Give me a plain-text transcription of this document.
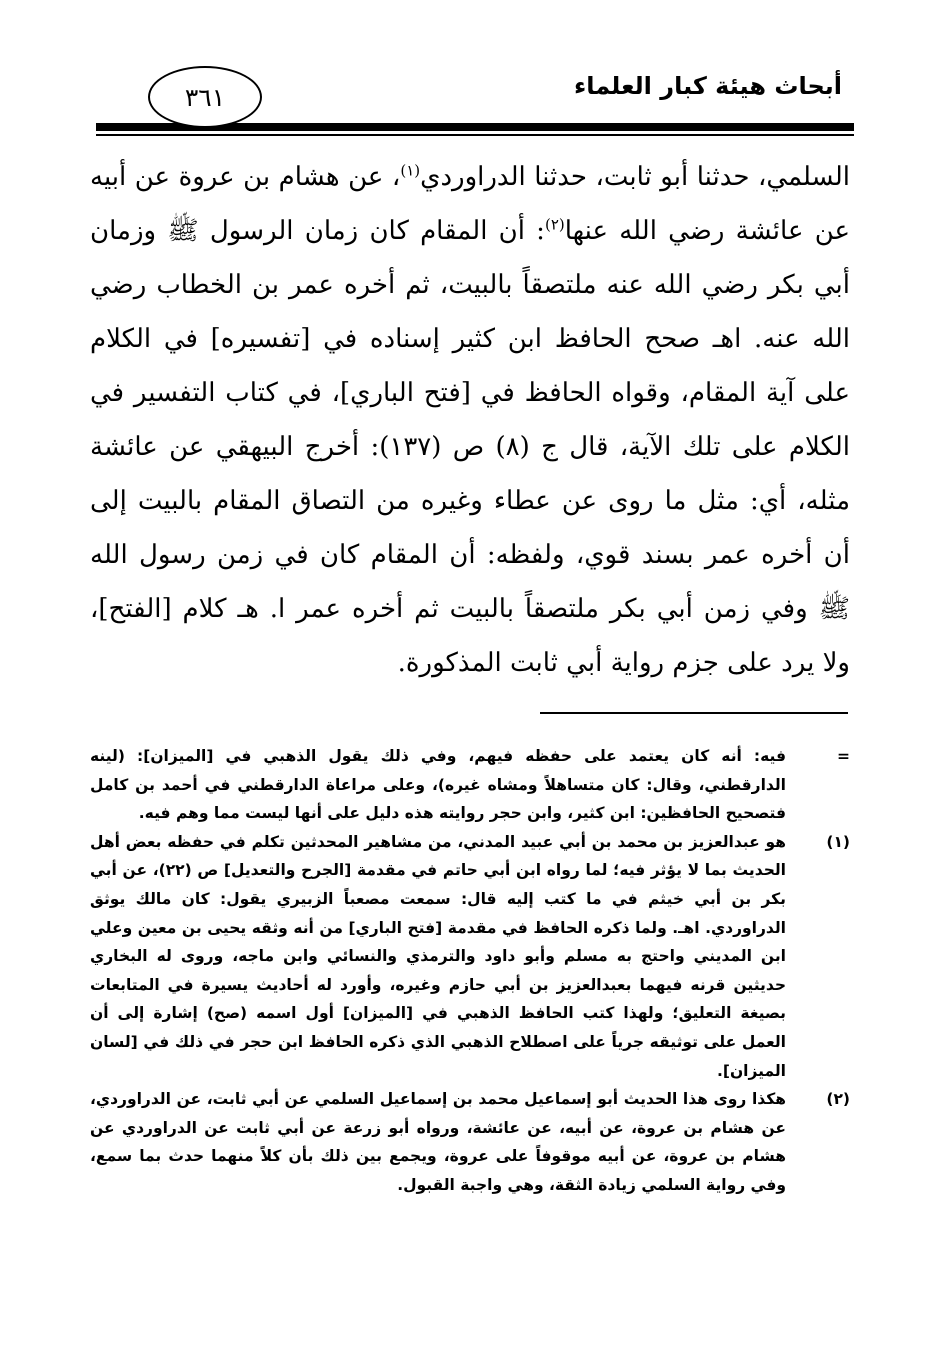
أبحاث هيئة كبار العلماء
٣٦١

السلمي، حدثنا أبو ثابت، حدثنا الدراوردي$^{(١)}$، عن هشام بن عروة عن أبيه عن عائشة رضي الله عنها$^{(٢)}$: أن المقام كان زمان الرسول ﷺ وزمان أبي بكر رضي الله عنه ملتصقاً بالبيت، ثم أخره عمر بن الخطاب رضي الله عنه. اهـ صحح الحافظ ابن كثير إسناده في [تفسيره] في الكلام على آية المقام، وقواه الحافظ في [فتح الباري]، في كتاب التفسير في الكلام على تلك الآية، قال ج (٨) ص (١٣٧): أخرج البيهقي عن عائشة مثله، أي: مثل ما روى عن عطاء وغيره من التصاق المقام بالبيت إلى أن أخره عمر بسند قوي، ولفظه: أن المقام كان في زمن رسول الله ﷺ وفي زمن أبي بكر ملتصقاً بالبيت ثم أخره عمر ا. هـ كلام [الفتح]، ولا يرد على جزم رواية أبي ثابت المذكورة.

=
فيه: أنه كان يعتمد على حفظه فيهم، وفي ذلك يقول الذهبي في [الميزان]: (لينه الدارقطني، وقال: كان متساهلاً ومشاه غيره)، وعلى مراعاة الدارقطني في أحمد بن كامل فتصحيح الحافظين: ابن كثير، وابن حجر روايته هذه دليل على أنها ليست مما وهم فيه.

(١)
هو عبدالعزيز بن محمد بن أبي عبيد المدني، من مشاهير المحدثين تكلم في حفظه بعض أهل الحديث بما لا يؤثر فيه؛ لما رواه ابن أبي حاتم في مقدمة [الجرح والتعديل] ص (٢٢)، عن أبي بكر بن أبي خيثم في ما كتب إليه قال: سمعت مصعباً الزبيري يقول: كان مالك يوثق الدراوردي. اهـ. ولما ذكره الحافظ في مقدمة [فتح الباري] من أنه وثقه يحيى بن معين وعلي ابن المديني واحتج به مسلم وأبو داود والترمذي والنسائي وابن ماجه، وروى له البخاري حديثين قرنه فيهما بعبدالعزيز بن أبي حازم وغيره، وأورد له أحاديث يسيرة في المتابعات بصيغة التعليق؛ ولهذا كتب الحافظ الذهبي في [الميزان] أول اسمه (صح) إشارة إلى أن العمل على توثيقه جرياً على اصطلاح الذهبي الذي ذكره الحافظ ابن حجر في ذلك في [لسان الميزان].

(٢)
هكذا روى هذا الحديث أبو إسماعيل محمد بن إسماعيل السلمي عن أبي ثابت، عن الدراوردي، عن هشام بن عروة، عن أبيه، عن عائشة، ورواه أبو زرعة عن أبي ثابت عن الدراوردي عن هشام بن عروة، عن أبيه موقوفاً على عروة، ويجمع بين ذلك بأن كلاً منهما حدث بما سمع، وفي رواية السلمي زيادة الثقة، وهي واجبة القبول.
